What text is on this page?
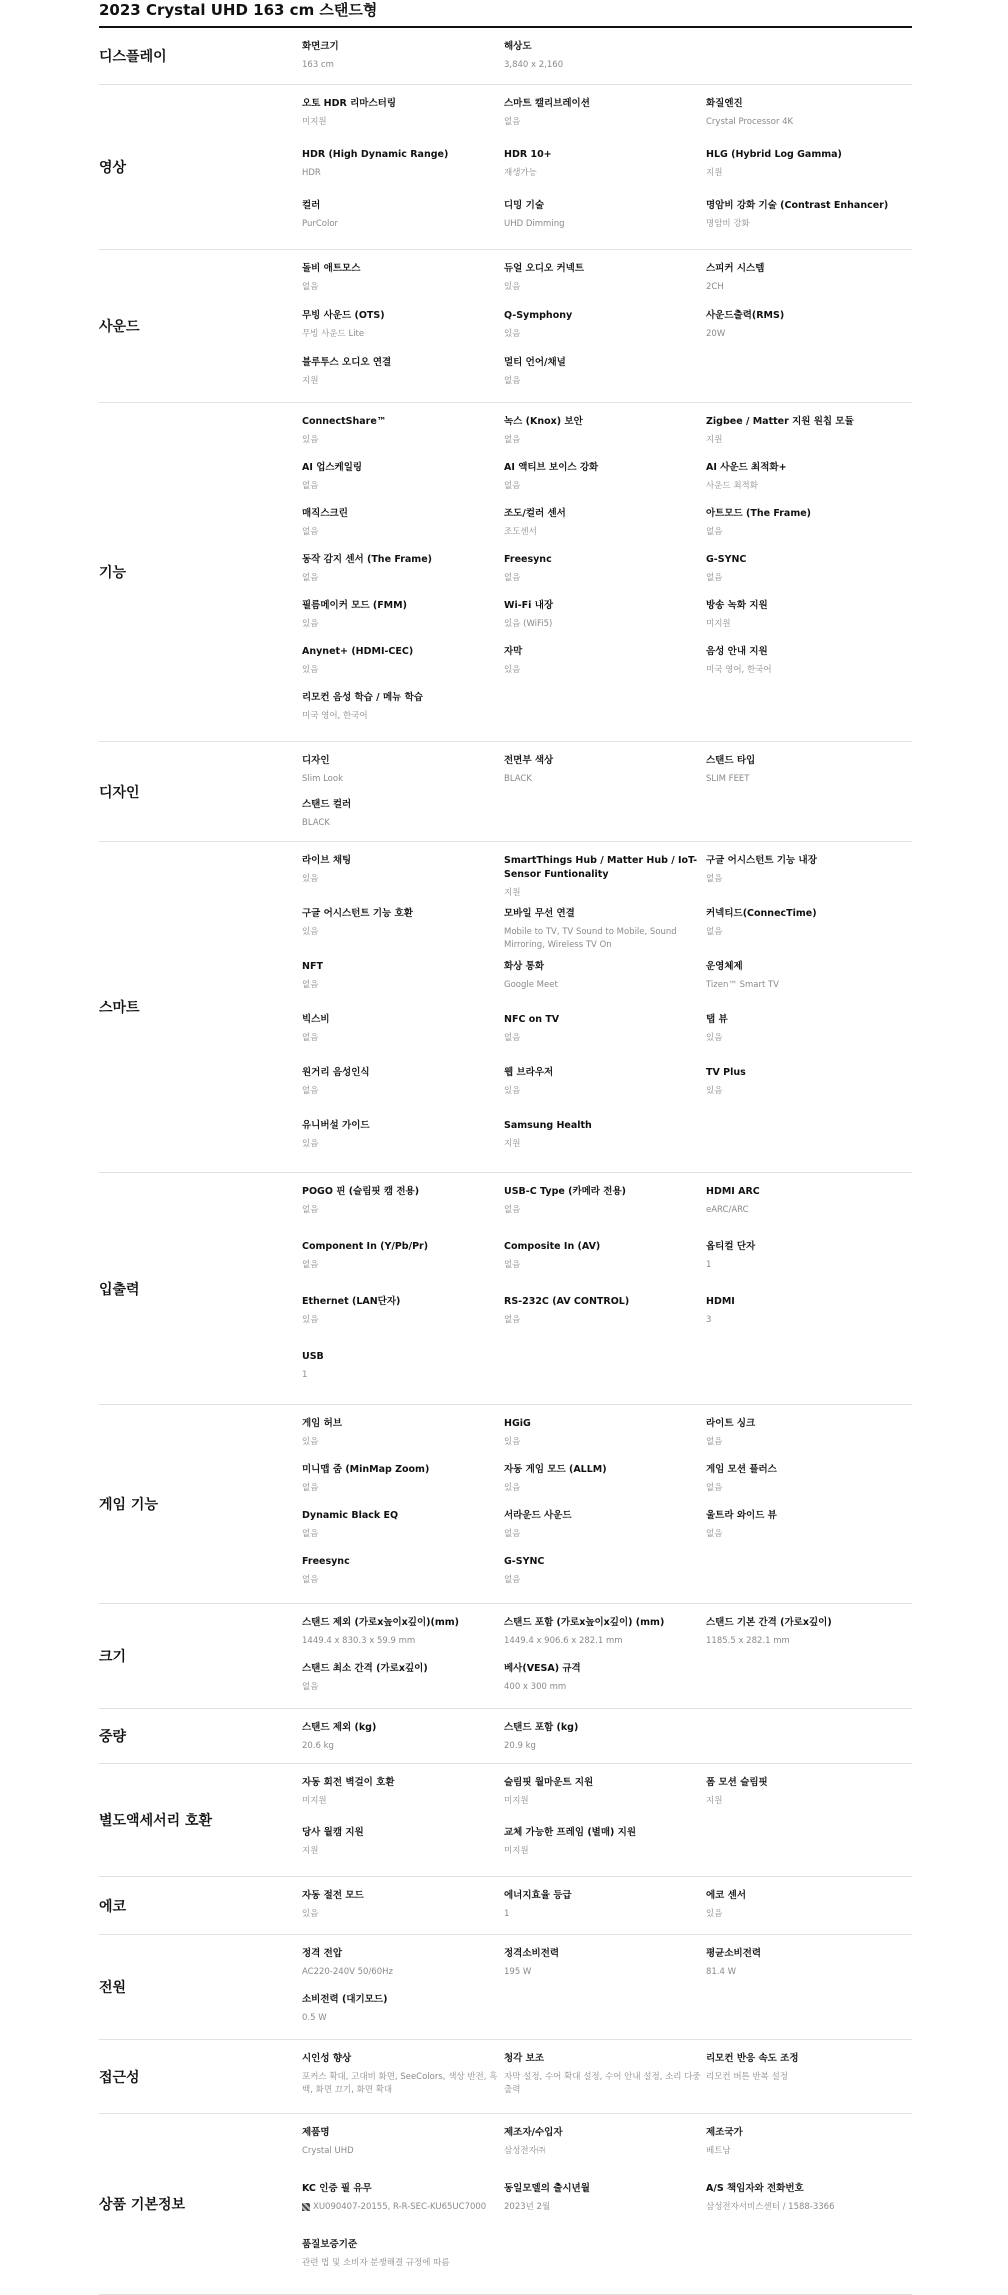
2023 Crystal UHD 163 cm 스탠드형
디스플레이
화면크기
163 cm
해상도
3,840 x 2,160
영상
오토 HDR 리마스터링
미지원
스마트 캘리브레이션
없음
화질엔진
Crystal Processor 4K
HDR (High Dynamic Range)
HDR
HDR 10+
재생가능
HLG (Hybrid Log Gamma)
지원
컬러
PurColor
디밍 기술
UHD Dimming
명암비 강화 기술 (Contrast Enhancer)
명암비 강화
사운드
돌비 애트모스
없음
듀얼 오디오 커넥트
있음
스피커 시스템
2CH
무빙 사운드 (OTS)
무빙 사운드 Lite
Q-Symphony
있음
사운드출력(RMS)
20W
블루투스 오디오 연결
지원
멀티 언어/채널
없음
기능
ConnectShare™
있음
녹스 (Knox) 보안
없음
Zigbee / Matter 지원 원칩 모듈
지원
AI 업스케일링
없음
AI 액티브 보이스 강화
없음
AI 사운드 최적화+
사운드 최적화
매직스크린
없음
조도/컬러 센서
조도센서
아트모드 (The Frame)
없음
동작 감지 센서 (The Frame)
없음
Freesync
없음
G-SYNC
없음
필름메이커 모드 (FMM)
있음
Wi-Fi 내장
있음 (WiFi5)
방송 녹화 지원
미지원
Anynet+ (HDMI-CEC)
있음
자막
있음
음성 안내 지원
미국 영어, 한국어
리모컨 음성 학습 / 메뉴 학습
미국 영어, 한국어
디자인
디자인
Slim Look
전면부 색상
BLACK
스탠드 타입
SLIM FEET
스탠드 컬러
BLACK
스마트
라이브 채팅
있음
SmartThings Hub / Matter Hub / IoT-Sensor Funtionality
지원
구글 어시스턴트 기능 내장
없음
구글 어시스턴트 기능 호환
있음
모바일 무선 연결
Mobile to TV, TV Sound to Mobile, Sound Mirroring, Wireless TV On
커넥티드(ConnecTime)
없음
NFT
없음
화상 통화
Google Meet
운영체제
Tizen™ Smart TV
빅스비
없음
NFC on TV
없음
탭 뷰
있음
원거리 음성인식
없음
웹 브라우저
있음
TV Plus
있음
유니버설 가이드
있음
Samsung Health
지원
입출력
POGO 핀 (슬림핏 캠 전용)
없음
USB-C Type (카메라 전용)
없음
HDMI ARC
eARC/ARC
Component In (Y/Pb/Pr)
없음
Composite In (AV)
없음
옵티컬 단자
1
Ethernet (LAN단자)
있음
RS-232C (AV CONTROL)
없음
HDMI
3
USB
1
게임 기능
게임 허브
있음
HGiG
있음
라이트 싱크
없음
미니맵 줌 (MinMap Zoom)
없음
자동 게임 모드 (ALLM)
있음
게임 모션 플러스
없음
Dynamic Black EQ
없음
서라운드 사운드
없음
울트라 와이드 뷰
없음
Freesync
없음
G-SYNC
없음
크기
스탠드 제외 (가로x높이x깊이)(mm)
1449.4 x 830.3 x 59.9 mm
스탠드 포함 (가로x높이x깊이) (mm)
1449.4 x 906.6 x 282.1 mm
스탠드 기본 간격 (가로x깊이)
1185.5 x 282.1 mm
스탠드 최소 간격 (가로x깊이)
없음
베사(VESA) 규격
400 x 300 mm
중량
스탠드 제외 (kg)
20.6 kg
스탠드 포함 (kg)
20.9 kg
별도액세서리 호환
자동 회전 벽걸이 호환
미지원
슬림핏 월마운트 지원
미지원
폼 모션 슬림핏
지원
당사 월캠 지원
지원
교체 가능한 프레임 (별매) 지원
미지원
에코
자동 절전 모드
있음
에너지효율 등급
1
에코 센서
있음
전원
정격 전압
AC220-240V 50/60Hz
정격소비전력
195 W
평균소비전력
81.4 W
소비전력 (대기모드)
0.5 W
접근성
시인성 향상
포커스 확대, 고대비 화면, SeeColors, 색상 반전, 흑백, 화면 끄기, 화면 확대
청각 보조
자막 설정, 수어 확대 설정, 수어 안내 설정, 소리 다중출력
리모컨 반응 속도 조정
리모컨 버튼 반복 설정
상품 기본정보
제품명
Crystal UHD
제조자/수입자
삼성전자㈜
제조국가
베트남
KC 인증 필 유무
XU090407-20155, R-R-SEC-KU65UC7000
동일모델의 출시년월
2023년 2월
A/S 책임자와 전화번호
삼성전자서비스센터 / 1588-3366
품질보증기준
관련 법 및 소비자 분쟁해결 규정에 따름
